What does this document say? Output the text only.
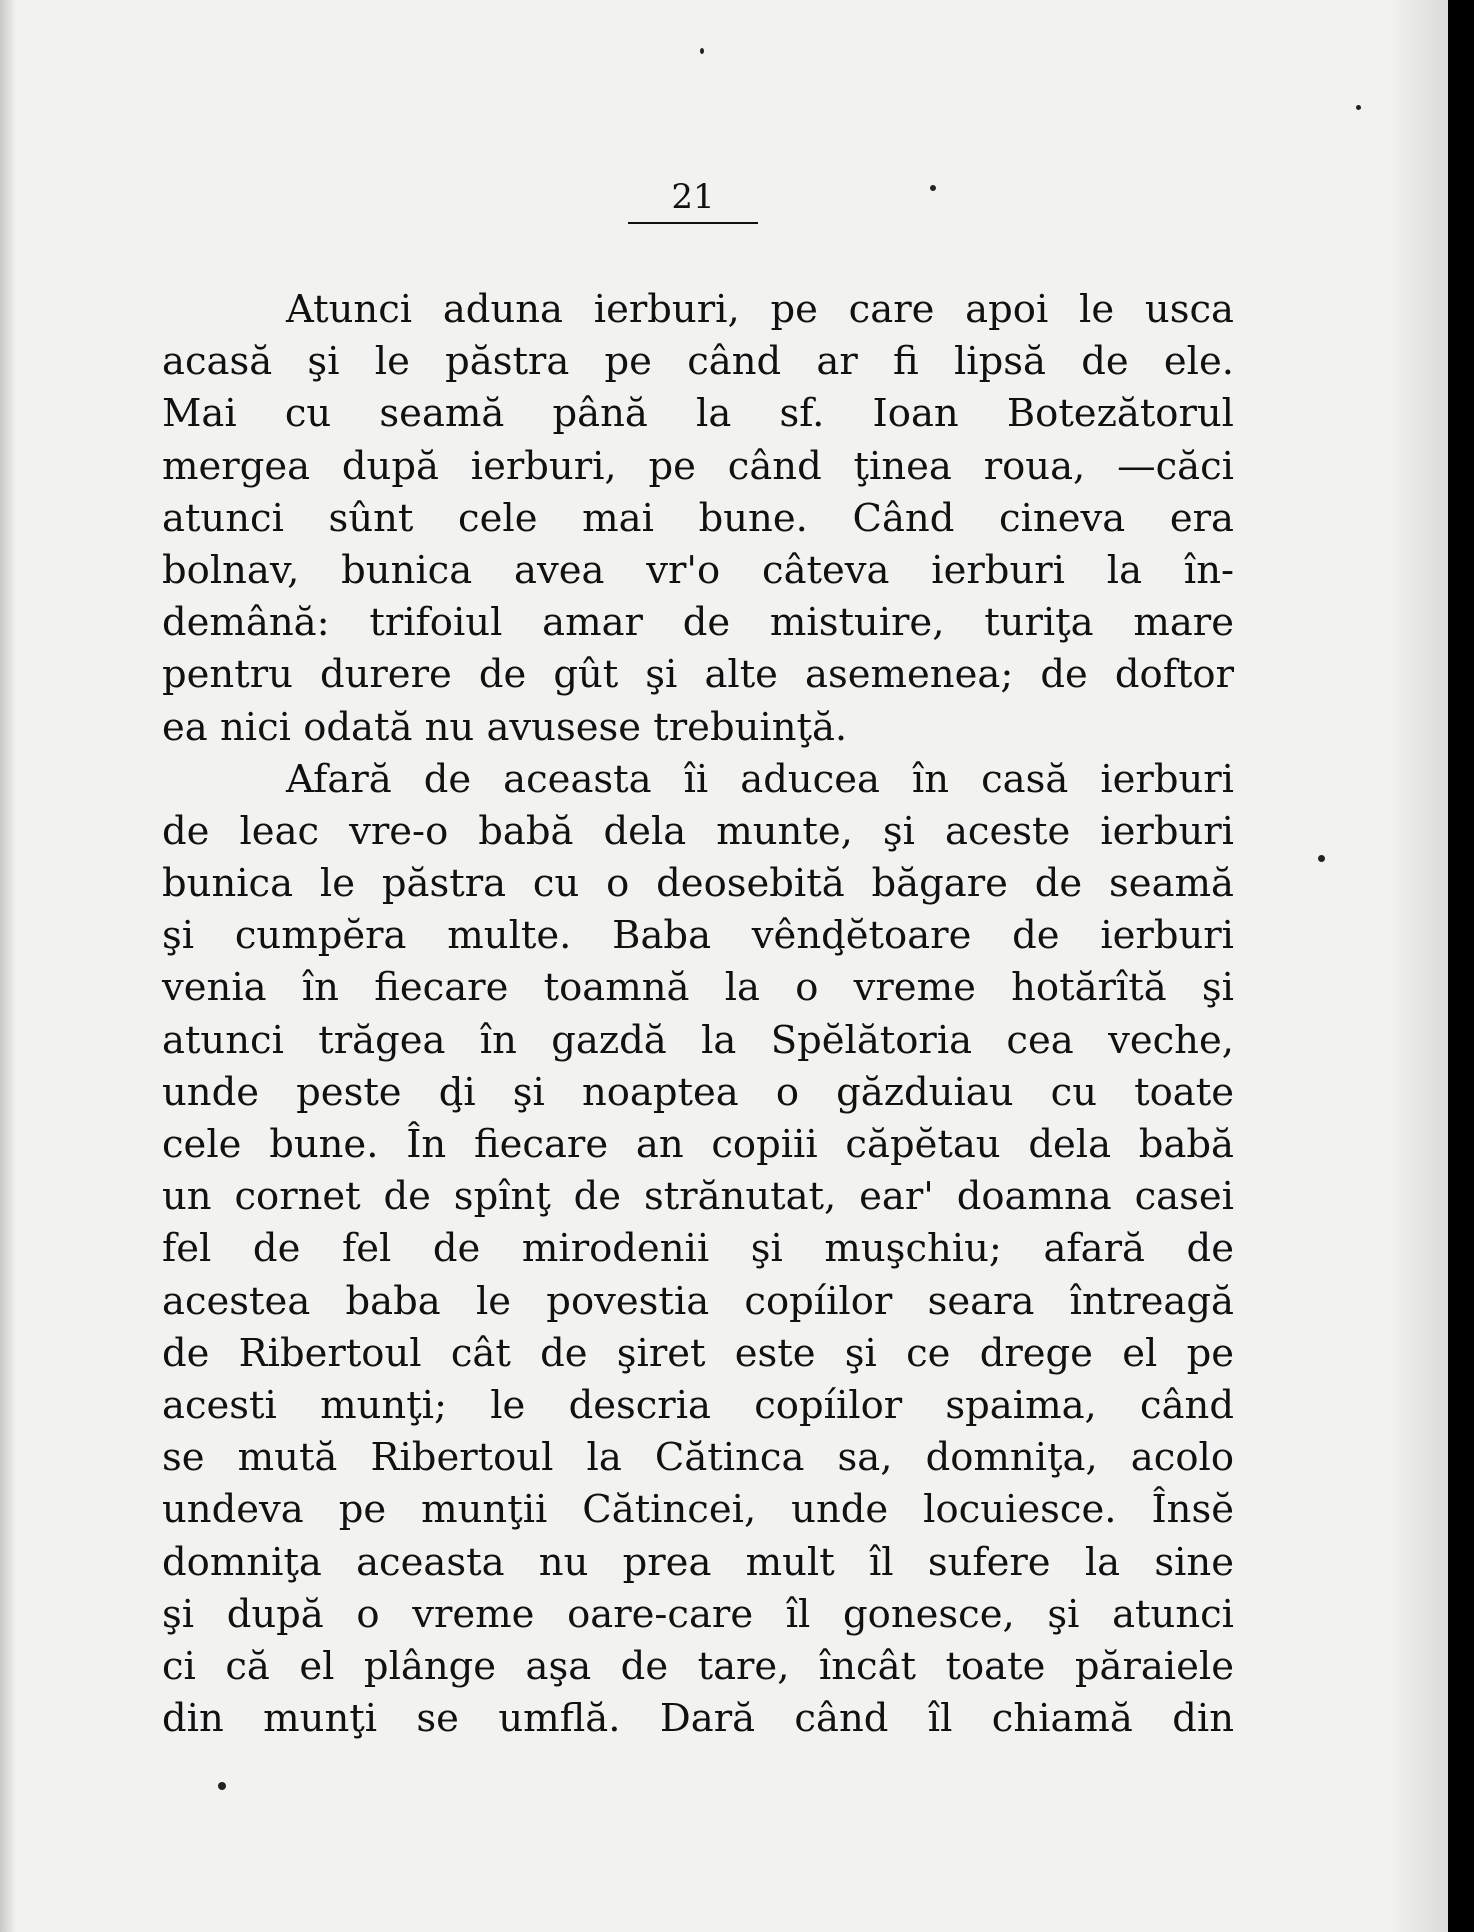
21
Atunci aduna ierburi, pe care apoi le usca
acasă şi le păstra pe când ar fi lipsă de ele.
Mai cu seamă până la sf. Ioan Botezătorul
mergea după ierburi, pe când ţinea roua, —căci
atunci sûnt cele mai bune. Când cineva era
bolnav, bunica avea vr'o câteva ierburi la în-
demână: trifoiul amar de mistuire, turiţa mare
pentru durere de gût şi alte asemenea; de doftor
ea nici odată nu avusese trebuinţă.
Afară de aceasta îi aducea în casă ierburi
de leac vre-o babă dela munte, şi aceste ierburi
bunica le păstra cu o deosebită băgare de seamă
şi cumpĕra multe. Baba vênḑĕtoare de ierburi
venia în fiecare toamnă la o vreme hotărîtă şi
atunci trăgea în gazdă la Spĕlătoria cea veche,
unde peste ḑi şi noaptea o găzduiau cu toate
cele bune. În fiecare an copiii căpĕtau dela babă
un cornet de spînţ de strănutat, ear' doamna casei
fel de fel de mirodenii şi muşchiu; afară de
acestea baba le povestia copíilor seara întreagă
de Ribertoul cât de şiret este şi ce drege el pe
acesti munţi; le descria copíilor spaima, când
se mută Ribertoul la Cătinca sa, domniţa, acolo
undeva pe munţii Cătincei, unde locuiesce. Însĕ
domniţa aceasta nu prea mult îl sufere la sine
şi după o vreme oare-care îl gonesce, şi atunci
ci că el plânge aşa de tare, încât toate păraiele
din munţi se umflă. Dară când îl chiamă din
